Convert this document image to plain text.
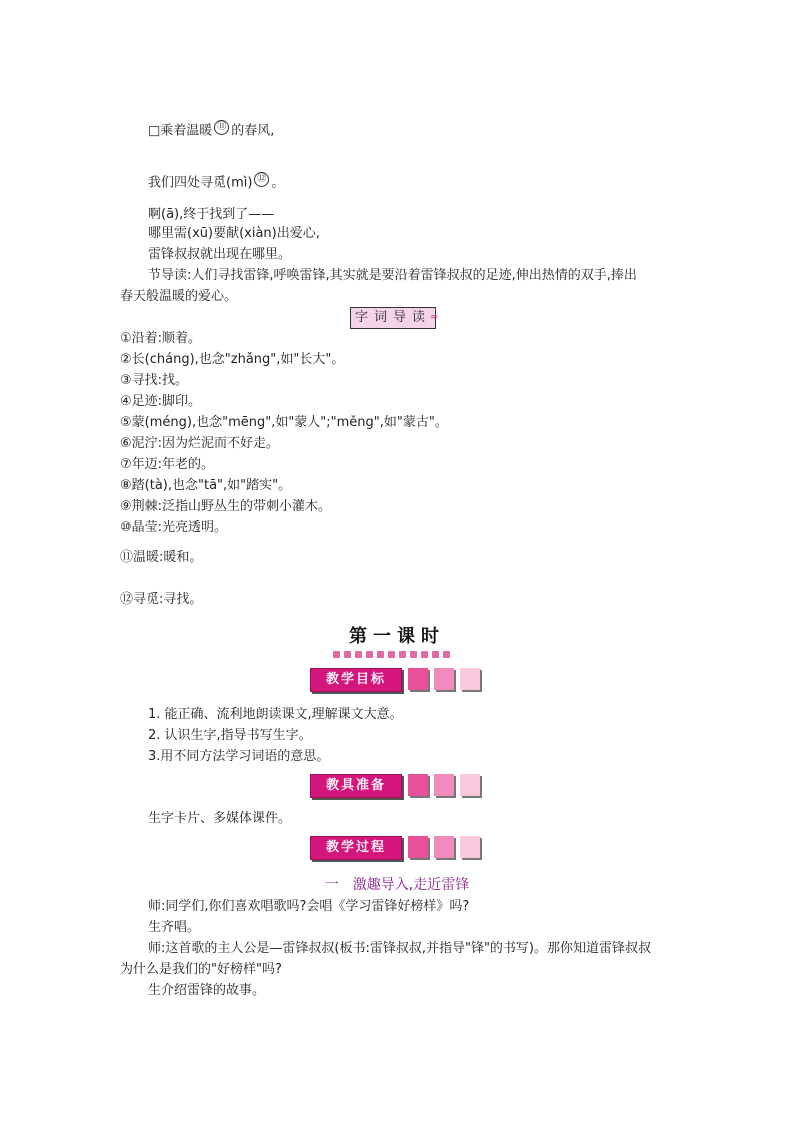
□乘着温暖 ⑪ 的春风,
我们四处寻觅(mì) ⑫ 。
啊(ā),终于找到了——
哪里需(xū)要献(xiàn)出爱心,
雷锋叔叔就出现在哪里。
节导读:人们寻找雷锋,呼唤雷锋,其实就是要沿着雷锋叔叔的足迹,伸出热情的双手,捧出
春天般温暖的爱心。
字词导读
≈
①沿着:顺着。
②长(cháng),也念"zhǎng",如"长大"。
③寻找:找。
④足迹:脚印。
⑤蒙(méng),也念"mēng",如"蒙人";"měng",如"蒙古"。
⑥泥泞:因为烂泥而不好走。
⑦年迈:年老的。
⑧踏(tà),也念"tā",如"踏实"。
⑨荆棘:泛指山野丛生的带刺小灌木。
⑩晶莹:光亮透明。
⑪温暖:暖和。
⑫寻觅:寻找。
第一课时
教学目标
1. 能正确、流利地朗读课文,理解课文大意。
2. 认识生字,指导书写生字。
3.用不同方法学习词语的意思。
教具准备
生字卡片、多媒体课件。
教学过程
一　激趣导入,走近雷锋
师:同学们,你们喜欢唱歌吗?会唱《学习雷锋好榜样》吗?
生齐唱。
师:这首歌的主人公是—雷锋叔叔(板书:雷锋叔叔,并指导"锋"的书写)。那你知道雷锋叔叔
为什么是我们的"好榜样"吗?
生介绍雷锋的故事。
